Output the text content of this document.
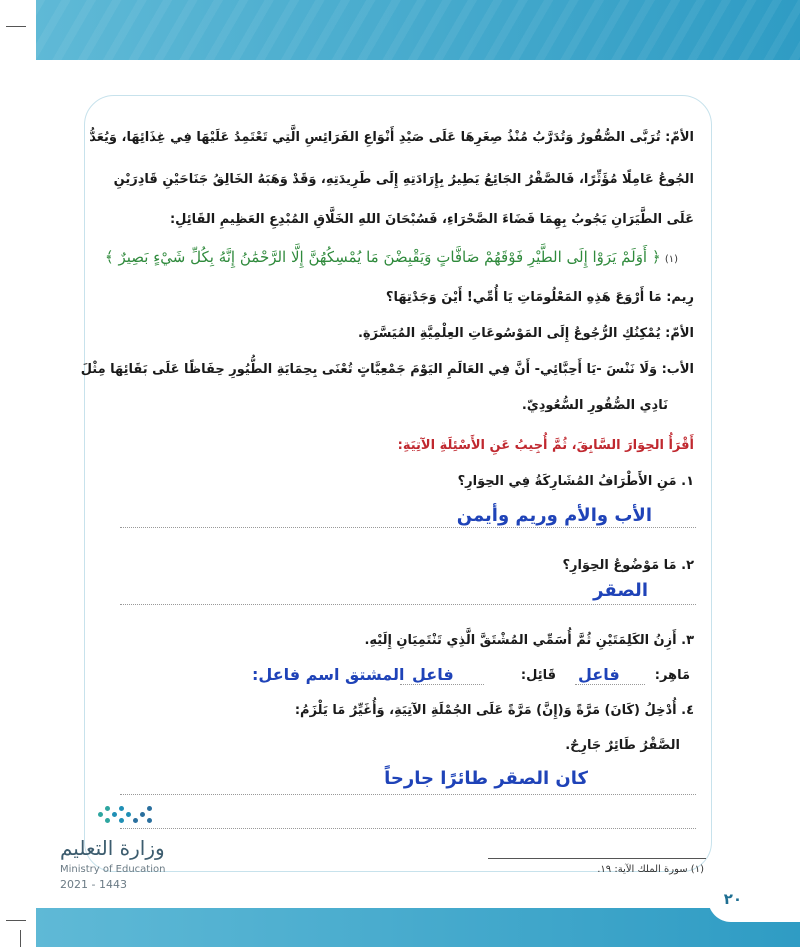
الأمّ: تُرَبَّى الصُّقُورُ وَتُدَرَّبُ مُنْذُ صِغَرِهَا عَلَى صَيْدِ أَنْوَاعِ الفَرَائِسِ الَّتِي تَعْتَمِدُ عَلَيْهَا فِي غِذَائِهَا، وَيُعَدُّ
الجُوعُ عَامِلًا مُؤَثِّرًا، فَالصَّقْرُ الجَائِعُ يَطِيرُ بِإِرَادَتِهِ إِلَى طَرِيدَتِهِ، وَقَدْ وَهَبَهُ الخَالِقُ جَنَاحَيْنِ قَادِرَيْنِ
عَلَى الطَّيَرَانِ يَجُوبُ بِهِمَا فَضَاءَ الصَّحْرَاءِ، فَسُبْحَانَ اللهِ الخَلَّاقِ المُبْدِعِ العَظِيمِ القَائِلِ:
(١) ﴿ أَوَلَمْ يَرَوْا إِلَى الطَّيْرِ فَوْقَهُمْ صَافَّاتٍ وَيَقْبِضْنَ مَا يُمْسِكُهُنَّ إِلَّا الرَّحْمَٰنُ إِنَّهُ بِكُلِّ شَيْءٍ بَصِيرٌ ﴾
رِيم: مَا أَرْوَعَ هَذِهِ المَعْلُومَاتِ يَا أُمِّي! أَيْنَ وَجَدْتِهَا؟
الأمّ: يُمْكِنُكِ الرُّجُوعُ إِلَى المَوْسُوعَاتِ العِلْمِيَّةِ المُيَسَّرَةِ.
الأب: وَلَا نَنْسَ -يَا أَحِبَّائِي- أَنَّ فِي العَالَمِ اليَوْمَ جَمْعِيَّاتٍ تُعْنَى بِحِمَايَةِ الطُّيُورِ حِفَاظًا عَلَى بَقَائِهَا مِثْلَ
نَادِي الصُّقُورِ السُّعُودِيّ.
أَقْرَأُ الحِوَارَ السَّابِقَ، ثُمَّ أُجِيبُ عَنِ الأَسْئِلَةِ الآتِيَةِ:
١. مَنِ الأَطْرَافُ المُشَارِكَةُ فِي الحِوَارِ؟
الأب والأم وريم وأيمن
٢. مَا مَوْضُوعُ الحِوَارِ؟
الصقر
٣. أَزِنُ الكَلِمَتَيْنِ ثُمَّ أُسَمِّي المُشْتَقَّ الَّذِي تَنْتَمِيَانِ إِلَيْهِ.
مَاهِر:
فاعل
قَائِل:
فاعل
:المشتق اسم فاعل
٤. أُدْخِلُ (كَانَ) مَرَّةً وَ(إِنَّ) مَرَّةً عَلَى الجُمْلَةِ الآتِيَةِ، وَأُغَيِّرُ مَا يَلْزَمُ:
الصَّقْرُ طَائِرٌ جَارِحٌ.
كان الصقر طائرًا جارحاً
وزارة التعليم
Ministry of Education
2021 - 1443
(١) سورة الملك الآية: ١٩.
٢٠
